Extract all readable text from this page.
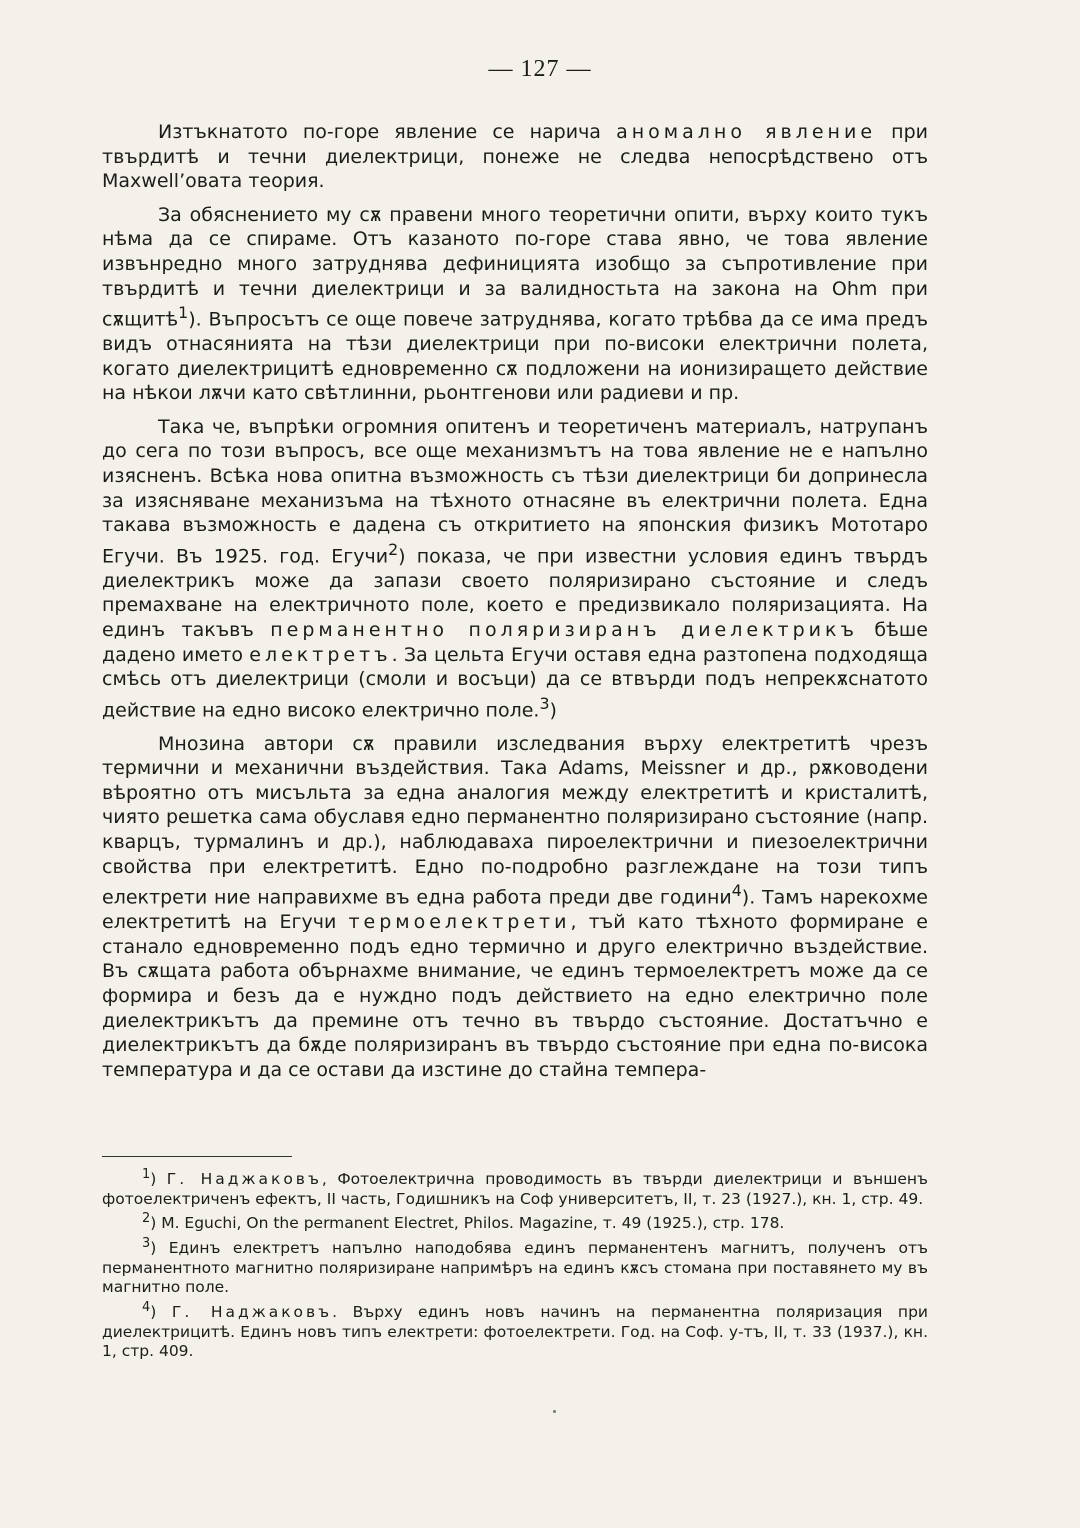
— 127 —

Изтъкнатото по-горе явление се нарича аномално явление при твърдитѣ и течни диелектрици, понеже не следва непосрѣдствено отъ Maxwell’овата теория.

За обяснението му сѫ правени много теоретични опити, върху които тукъ нѣма да се спираме. Отъ казаното по-горе става явно, че това явление извънредно много затруднява дефиницията изобщо за съпротивление при твърдитѣ и течни диелектрици и за валидностьта на закона на Ohm при сѫщитѣ$^1$). Въпросътъ се още повече затруднява, когато трѣбва да се има предъ видъ отнасянията на тѣзи диелектрици при по-високи електрични полета, когато диелектрицитѣ едновременно сѫ подложени на ионизиращето действие на нѣкои лѫчи като свѣтлинни, рьонтгенови или радиеви и пр.

Така че, въпрѣки огромния опитенъ и теоретиченъ материалъ, натрупанъ до сега по този въпросъ, все още механизмътъ на това явление не е напълно изясненъ. Всѣка нова опитна възможность съ тѣзи диелектрици би допринесла за изясняване механизъма на тѣхното отнасяне въ електрични полета. Една такава възможность е дадена съ откритието на японския физикъ Мототаро Егучи. Въ 1925. год. Егучи$^2$) показа, че при известни условия единъ твърдъ диелектрикъ може да запази своето поляризирано състояние и следъ премахване на електричното поле, което е предизвикало поляризацията. На единъ такъвъ перманентно поляризиранъ диелектрикъ бѣше дадено името електретъ. За цельта Егучи оставя една разтопена подходяща смѣсь отъ диелектрици (смоли и восъци) да се втвърди подъ непрекѫснатото действие на едно високо електрично поле.$^3$)

Мнозина автори сѫ правили изследвания върху електретитѣ чрезъ термични и механични въздействия. Така Adams, Meissner и др., рѫководени вѣроятно отъ мисъльта за една аналогия между електретитѣ и кристалитѣ, чиято решетка сама обуславя едно перманентно поляризирано състояние (напр. кварцъ, турмалинъ и др.), наблюдаваха пироелектрични и пиезоелектрични свойства при електретитѣ. Едно по-подробно разглеждане на този типъ електрети ние направихме въ една работа преди две години$^4$). Тамъ нарекохме електретитѣ на Егучи термоелектрети, тъй като тѣхното формиране е станало едновременно подъ едно термично и друго електрично въздействие. Въ сѫщата работа обърнахме внимание, че единъ термоелектретъ може да се формира и безъ да е нуждно подъ действието на едно електрично поле диелектрикътъ да премине отъ течно въ твърдо състояние. Достатъчно е диелектрикътъ да бѫде поляризиранъ въ твърдо състояние при една по-висока температура и да се остави да изстине до стайна темпера-

$^1$) Г. Наджаковъ, Фотоелектрична проводимость въ твърди диелектрици и външенъ фотоелектриченъ ефектъ, II часть, Годишникъ на Соф университетъ, II, т. 23 (1927.), кн. 1, стр. 49.

$^2$) M. Eguchi, On the permanent Electret, Philos. Magazine, т. 49 (1925.), стр. 178.

$^3$) Единъ електретъ напълно наподобява единъ перманентенъ магнитъ, полученъ отъ перманентното магнитно поляризиране напримѣръ на единъ кѫсъ стомана при поставянето му въ магнитно поле.

$^4$) Г. Наджаковъ. Върху единъ новъ начинъ на перманентна поляризация при диелектрицитѣ. Единъ новъ типъ електрети: фотоелектрети. Год. на Соф. у-тъ, II, т. 33 (1937.), кн. 1, стр. 409.
